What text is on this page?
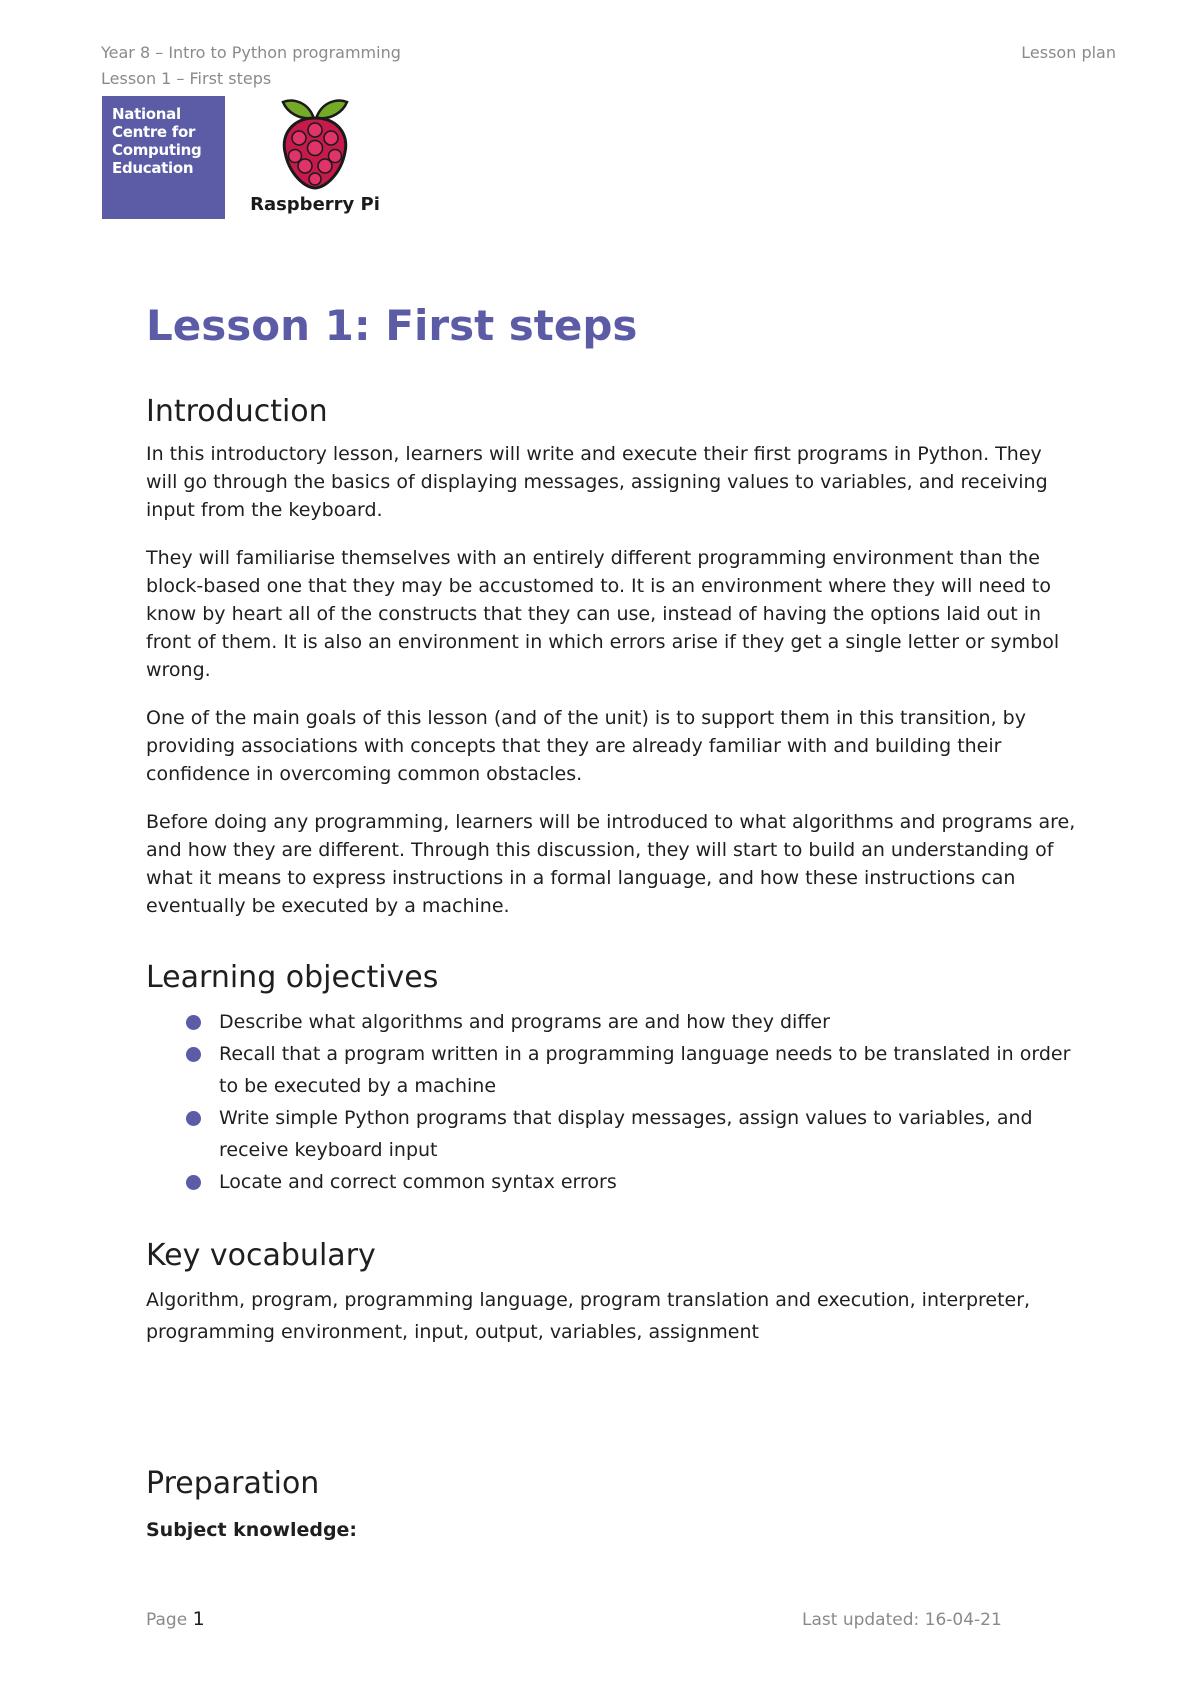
Year 8 – Intro to Python programming
Lesson 1 – First steps
Lesson plan
National
Centre for
Computing
Education
Raspberry Pi
Lesson 1: First steps
Introduction

In this introductory lesson, learners will write and execute their first programs in Python. They will go through the basics of displaying messages, assigning values to variables, and receiving input from the keyboard.

They will familiarise themselves with an entirely different programming environment than the block-based one that they may be accustomed to. It is an environment where they will need to know by heart all of the constructs that they can use, instead of having the options laid out in front of them. It is also an environment in which errors arise if they get a single letter or symbol wrong.

One of the main goals of this lesson (and of the unit) is to support them in this transition, by providing associations with concepts that they are already familiar with and building their confidence in overcoming common obstacles.

Before doing any programming, learners will be introduced to what algorithms and programs are, and how they are different. Through this discussion, they will start to build an understanding of what it means to express instructions in a formal language, and how these instructions can eventually be executed by a machine.

Learning objectives
Describe what algorithms and programs are and how they differ
Recall that a program written in a programming language needs to be translated in order to be executed by a machine
Write simple Python programs that display messages, assign values to variables, and receive keyboard input
Locate and correct common syntax errors
Key vocabulary

Algorithm, program, programming language, program translation and execution, interpreter, programming environment, input, output, variables, assignment

Preparation
Subject knowledge:
Page 1	Last updated: 16-04-21
